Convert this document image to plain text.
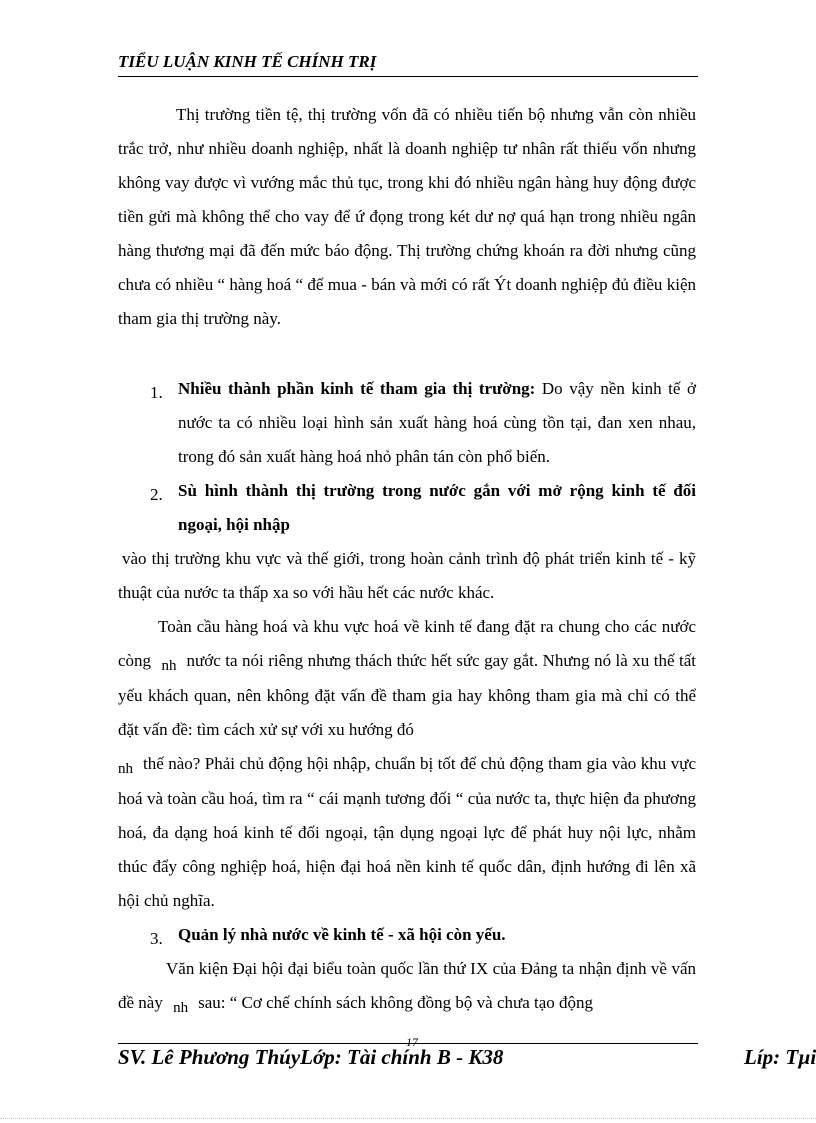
TIỂU LUẬN KINH TẾ CHÍNH TRỊ
Thị trường tiền tệ, thị trường vốn đã có nhiều tiến bộ nhưng vẫn còn nhiều trắc trở, như nhiều doanh nghiệp, nhất là doanh nghiệp tư nhân rất thiếu vốn nhưng không vay được vì vướng mắc thủ tục, trong khi đó nhiều ngân hàng huy động được tiền gửi mà không thể cho vay để ứ đọng trong két dư nợ quá hạn trong nhiều ngân hàng thương mại đã đến mức báo động. Thị trường chứng khoán ra đời nhưng cũng chưa có nhiều “ hàng hoá “ để mua - bán và mới có rất Ýt doanh nghiệp đủ điều kiện tham gia thị trường này.
1. Nhiều thành phần kinh tế tham gia thị trường: Do vậy nền kinh tế ở nước ta có nhiều loại hình sản xuất hàng hoá cùng tồn tại, đan xen nhau, trong đó sản xuất hàng hoá nhỏ phân tán còn phổ biến.
2. Sù hình thành thị trường trong nước gắn với mở rộng kinh tế đối ngoại, hội nhập
vào thị trường khu vực và thế giới, trong hoàn cảnh trình độ phát triển kinh tế - kỹ thuật của nước ta thấp xa so với hầu hết các nước khác.
Toàn cầu hàng hoá và khu vực hoá về kinh tế đang đặt ra chung cho các nước còng nh nước ta nói riêng nhưng thách thức hết sức gay gắt. Nhưng nó là xu thế tất yếu khách quan, nên không đặt vấn đề tham gia hay không tham gia mà chỉ có thể đặt vấn đề: tìm cách xử sự với xu hướng đó
nh thế nào? Phải chủ động hội nhập, chuẩn bị tốt để chủ động tham gia vào khu vực hoá và toàn cầu hoá, tìm ra “ cái mạnh tương đối “ của nước ta, thực hiện đa phương hoá, đa dạng hoá kinh tế đối ngoại, tận dụng ngoại lực để phát huy nội lực, nhằm thúc đẩy công nghiệp hoá, hiện đại hoá nền kinh tế quốc dân, định hướng đi lên xã hội chủ nghĩa.
3. Quản lý nhà nước về kinh tế - xã hội còn yếu.
Văn kiện Đại hội đại biểu toàn quốc lần thứ IX của Đảng ta nhận định về vấn đề này nh sau: “ Cơ chế chính sách không đồng bộ và chưa tạo động
SV. Lê Phương ThúyLớp: Tài chính B - K38
17
Líp: Tµi
